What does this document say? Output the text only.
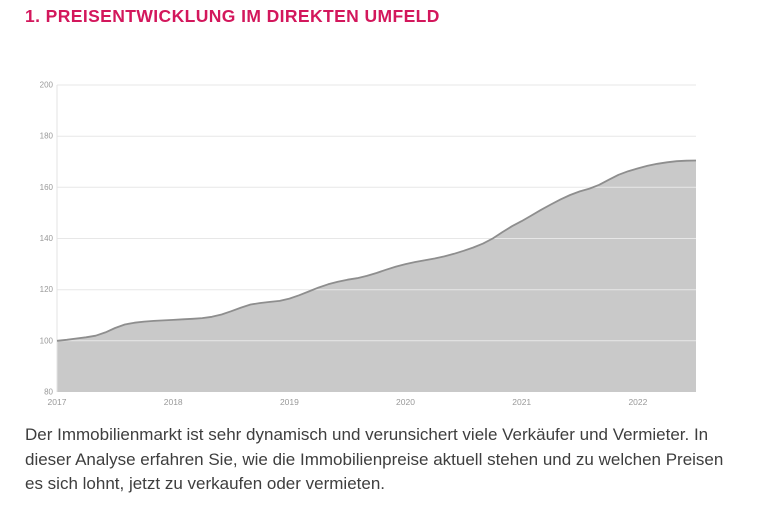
1. PREISENTWICKLUNG IM DIREKTEN UMFELD
80
100
120
140
160
180
200
2017	2018	2019	2020	2021	2022

Der Immobilienmarkt ist sehr dynamisch und verunsichert viele Verkäufer und Vermieter. In dieser Analyse erfahren Sie, wie die Immobilienpreise aktuell stehen und zu welchen Preisen es sich lohnt, jetzt zu verkaufen oder vermieten.
